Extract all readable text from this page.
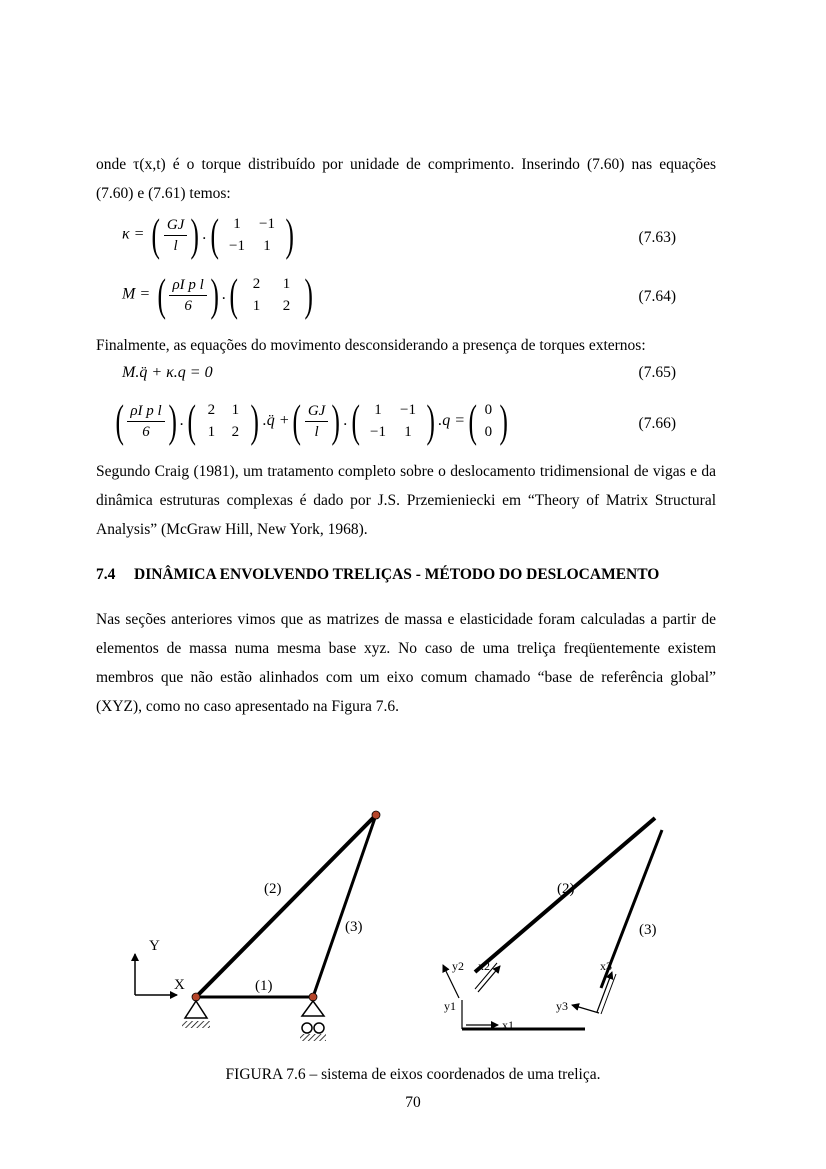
onde τ(x,t) é o torque distribuído por unidade de comprimento. Inserindo (7.60) nas equações (7.60) e (7.61) temos:

κ = ( $\frac{GJ}{l}$ ) . ( 1	−1
−1	1 )	(7.63)
M = ( $\frac{\text{ρI p l}}{6}$ ) . ( 2	1
1	2 )	(7.64)

Finalmente, as equações do movimento desconsiderando a presença de torques externos:

M.q̈ + κ.q = 0	(7.65)
( $\frac{\text{ρI p l}}{6}$ ) . ( 2	1
1	2 ) .q̈ + ( $\frac{GJ}{l}$ ) . ( 1	−1
−1	1 ) .q = ( 0
0 )	(7.66)

Segundo Craig (1981), um tratamento completo sobre o deslocamento tridimensional de vigas e da dinâmica estruturas complexas é dado por J.S. Przemieniecki em “Theory of Matrix Structural Analysis” (McGraw Hill, New York, 1968).

7.4 DINÂMICA ENVOLVENDO TRELIÇAS - MÉTODO DO DESLOCAMENTO

Nas seções anteriores vimos que as matrizes de massa e elasticidade foram calculadas a partir de elementos de massa numa mesma base xyz. No caso de uma treliça freqüentemente existem membros que não estão alinhados com um eixo comum chamado “base de referência global” (XYZ), como no caso apresentado na Figura 7.6.

Y
X	(1)
(2)
(3)
y2 x2	x3
y3
y1
x1
(2)
(3)
FIGURA 7.6 – sistema de eixos coordenados de uma treliça.
70
